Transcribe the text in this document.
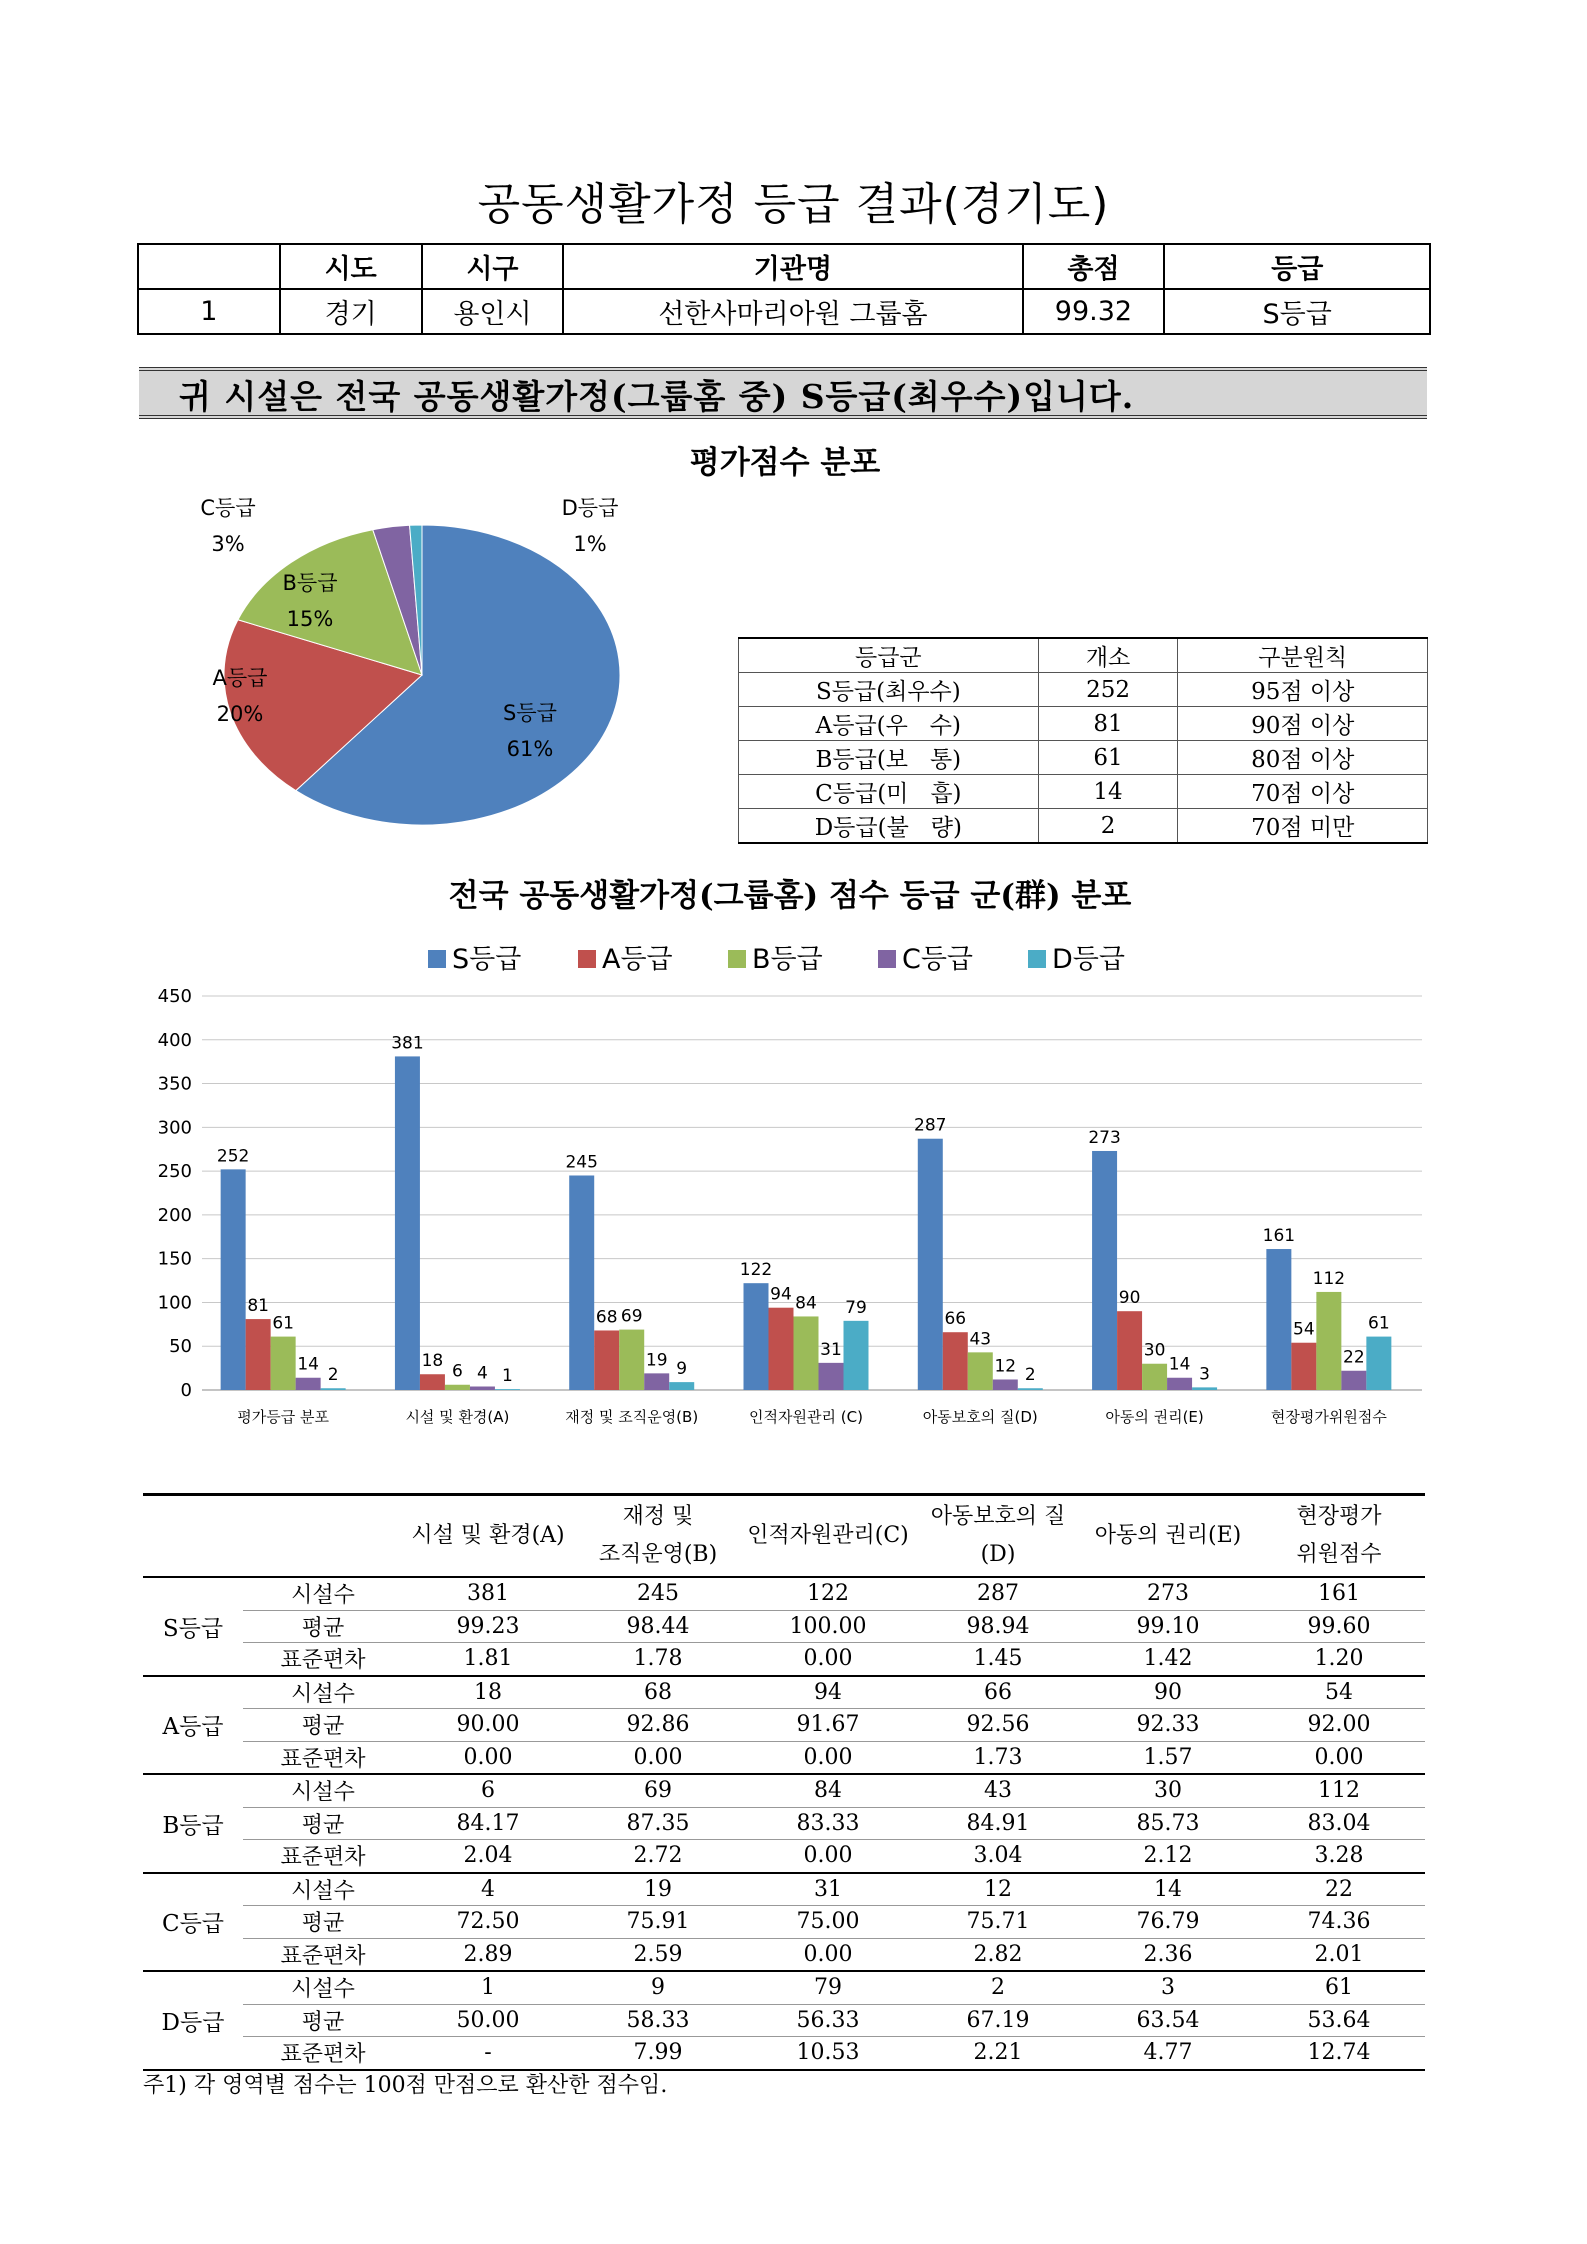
공동생활가정 등급 결과(경기도)
	시도	시구	기관명	총점	등급
1	경기	용인시	선한사마리아원 그룹홈	99.32	S등급
귀 시설은 전국 공동생활가정(그룹홈 중) S등급(최우수)입니다.
평가점수 분포
S등급
61%
A등급
20%
B등급
15%
C등급
3%
D등급
1%
등급군	개소	구분원칙
S등급(최우수)	252	95점 이상
A등급(우   수)	81	90점 이상
B등급(보   통)	61	80점 이상
C등급(미   흡)	14	70점 이상
D등급(불   량)	2	70점 미만
전국 공동생활가정(그룹홈) 점수 등급 군(群) 분포
S등급	A등급	B등급	C등급	D등급
0
50
100
150
200
250
300
350
400
450
252
81
61
14
2
평가등급 분포
381
18
6 4 1
시설 및 환경(A)
245
68 69
19 9
재정 및 조직운영(B)
122
94 84
31
79
인적자원관리 (C)
287
66
43
12 2
아동보호의 질(D)
273
90
30
14 3
아동의 권리(E)
161
54
112
22
61
현장평가위원점수
		시설 및 환경(A)	재정 및
조직운영(B)	인적자원관리(C)	아동보호의 질(D)	아동의 권리(E)	현장평가
위원점수
S등급	시설수	381	245	122	287	273	161
	평균	99.23	98.44	100.00	98.94	99.10	99.60
	표준편차	1.81	1.78	0.00	1.45	1.42	1.20
A등급	시설수	18	68	94	66	90	54
	평균	90.00	92.86	91.67	92.56	92.33	92.00
	표준편차	0.00	0.00	0.00	1.73	1.57	0.00
B등급	시설수	6	69	84	43	30	112
	평균	84.17	87.35	83.33	84.91	85.73	83.04
	표준편차	2.04	2.72	0.00	3.04	2.12	3.28
C등급	시설수	4	19	31	12	14	22
	평균	72.50	75.91	75.00	75.71	76.79	74.36
	표준편차	2.89	2.59	0.00	2.82	2.36	2.01
D등급	시설수	1	9	79	2	3	61
	평균	50.00	58.33	56.33	67.19	63.54	53.64
	표준편차	-	7.99	10.53	2.21	4.77	12.74
주1) 각 영역별 점수는 100점 만점으로 환산한 점수임.
